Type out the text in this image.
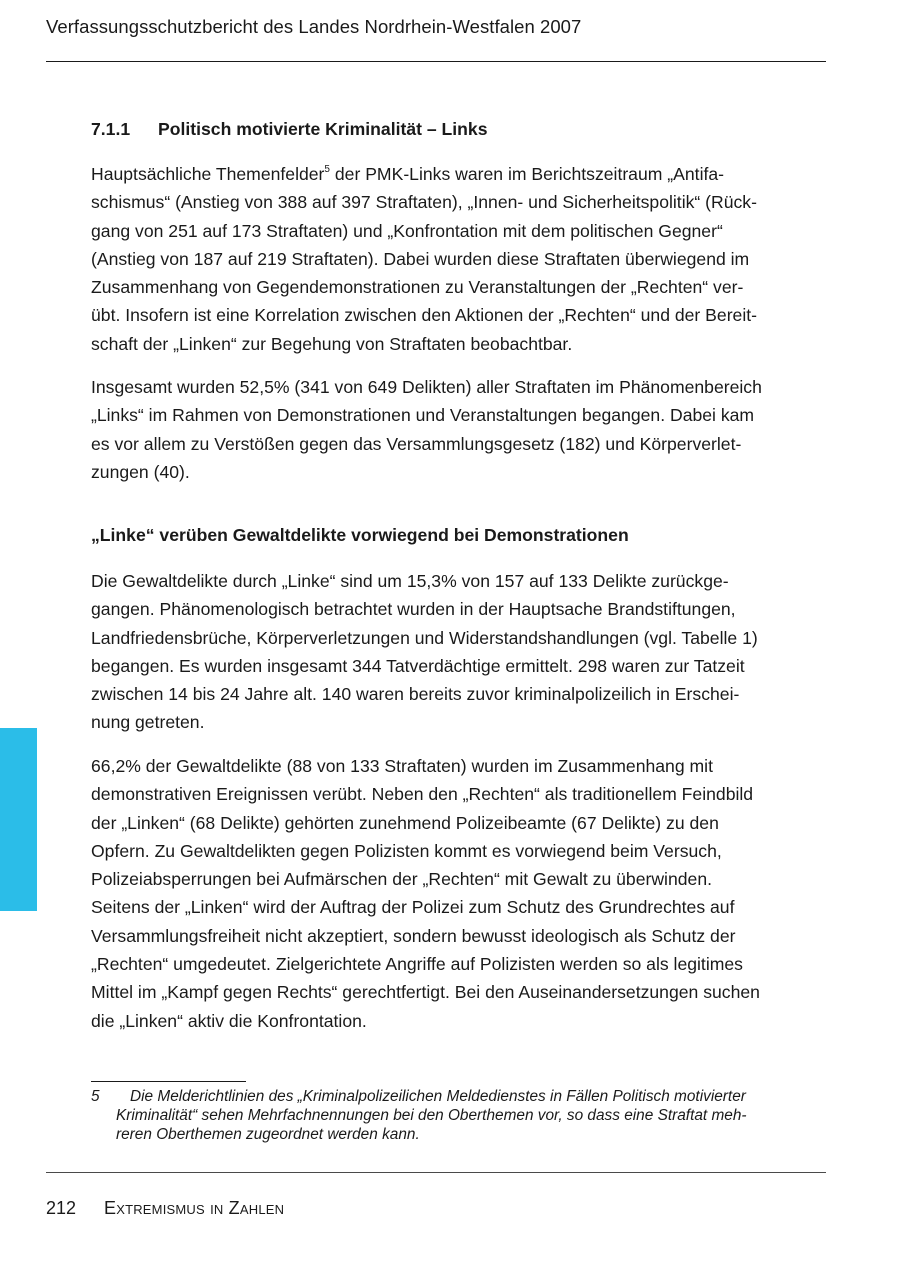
Verfassungsschutzbericht des Landes Nordrhein-Westfalen 2007
7.1.1 Politisch motivierte Kriminalität – Links

Hauptsächliche Themenfelder$^5$ der PMK-Links waren im Berichtszeitraum „Antifa-

schismus“ (Anstieg von 388 auf 397 Straftaten), „Innen- und Sicherheitspolitik“ (Rück-

gang von 251 auf 173 Straftaten) und „Konfrontation mit dem politischen Gegner“

(Anstieg von 187 auf 219 Straftaten). Dabei wurden diese Straftaten überwiegend im

Zusammenhang von Gegendemonstrationen zu Veranstaltungen der „Rechten“ ver-

übt. Insofern ist eine Korrelation zwischen den Aktionen der „Rechten“ und der Bereit-

schaft der „Linken“ zur Begehung von Straftaten beobachtbar.

Insgesamt wurden 52,5% (341 von 649 Delikten) aller Straftaten im Phänomenbereich

„Links“ im Rahmen von Demonstrationen und Veranstaltungen begangen. Dabei kam

es vor allem zu Verstößen gegen das Versammlungsgesetz (182) und Körperverlet-

zungen (40).

„Linke“ verüben Gewaltdelikte vorwiegend bei Demonstrationen

Die Gewaltdelikte durch „Linke“ sind um 15,3% von 157 auf 133 Delikte zurückge-

gangen. Phänomenologisch betrachtet wurden in der Hauptsache Brandstiftungen,

Landfriedensbrüche, Körperverletzungen und Widerstandshandlungen (vgl. Tabelle 1)

begangen. Es wurden insgesamt 344 Tatverdächtige ermittelt. 298 waren zur Tatzeit

zwischen 14 bis 24 Jahre alt. 140 waren bereits zuvor kriminalpolizeilich in Erschei-

nung getreten.

66,2% der Gewaltdelikte (88 von 133 Straftaten) wurden im Zusammenhang mit

demonstrativen Ereignissen verübt. Neben den „Rechten“ als traditionellem Feindbild

der „Linken“ (68 Delikte) gehörten zunehmend Polizeibeamte (67 Delikte) zu den

Opfern. Zu Gewaltdelikten gegen Polizisten kommt es vorwiegend beim Versuch,

Polizeiabsperrungen bei Aufmärschen der „Rechten“ mit Gewalt zu überwinden.

Seitens der „Linken“ wird der Auftrag der Polizei zum Schutz des Grundrechtes auf

Versammlungsfreiheit nicht akzeptiert, sondern bewusst ideologisch als Schutz der

„Rechten“ umgedeutet. Zielgerichtete Angriffe auf Polizisten werden so als legitimes

Mittel im „Kampf gegen Rechts“ gerechtfertigt. Bei den Auseinandersetzungen suchen

die „Linken“ aktiv die Konfrontation.

5	Die Melderichtlinien des „Kriminalpolizeilichen Meldedienstes in Fällen Politisch motivierter
Kriminalität“ sehen Mehrfachnennungen bei den Oberthemen vor, so dass eine Straftat meh-
reren Oberthemen zugeordnet werden kann.
212 Extremismus in Zahlen
